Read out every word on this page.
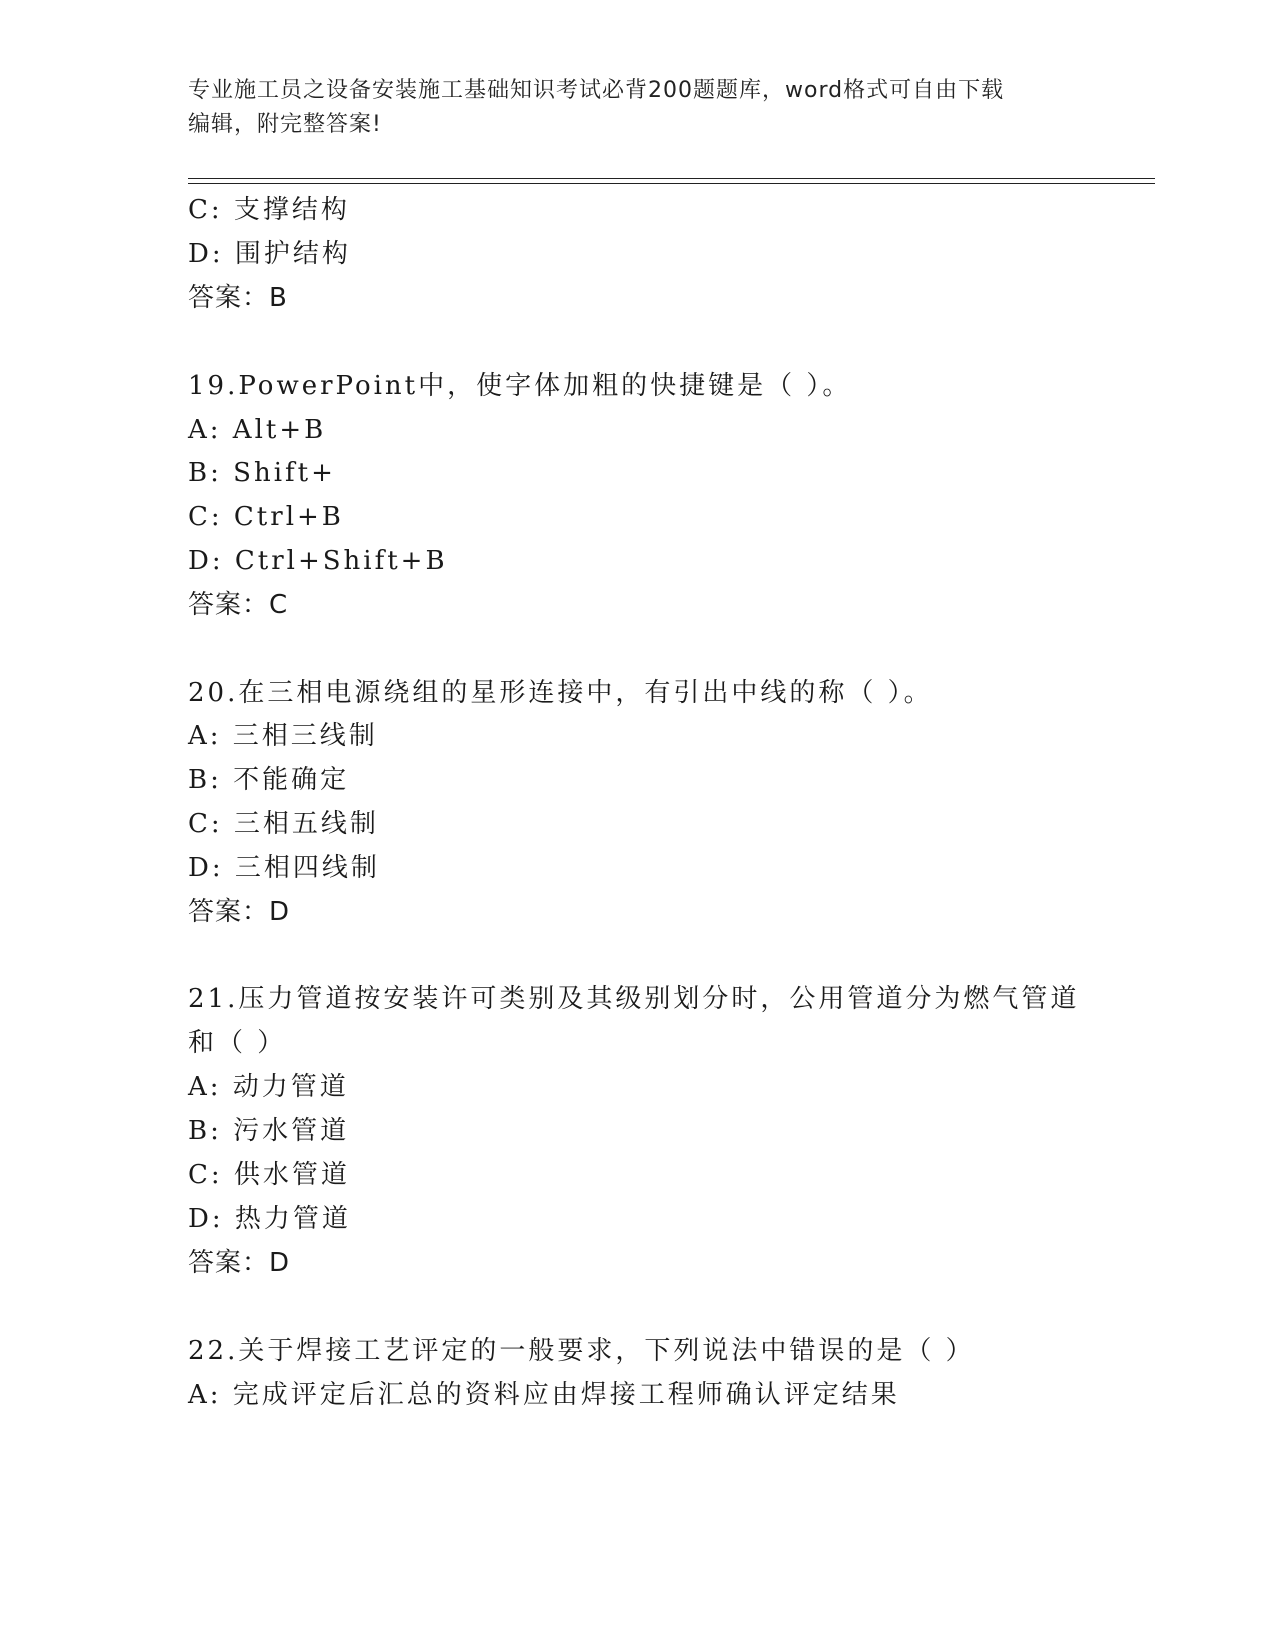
专业施工员之设备安装施工基础知识考试必背200题题库，word格式可自由下载
编辑，附完整答案!
C: 支撑结构
D: 围护结构
答案：B
19.PowerPoint中，使字体加粗的快捷键是（ ）。
A: Alt+B
B: Shift+
C: Ctrl+B
D: Ctrl+Shift+B
答案：C
20.在三相电源绕组的星形连接中，有引出中线的称（ ）。
A: 三相三线制
B: 不能确定
C: 三相五线制
D: 三相四线制
答案：D
21.压力管道按安装许可类别及其级别划分时，公用管道分为燃气管道
和（ ）
A: 动力管道
B: 污水管道
C: 供水管道
D: 热力管道
答案：D
22.关于焊接工艺评定的一般要求，下列说法中错误的是（ ）
A: 完成评定后汇总的资料应由焊接工程师确认评定结果
